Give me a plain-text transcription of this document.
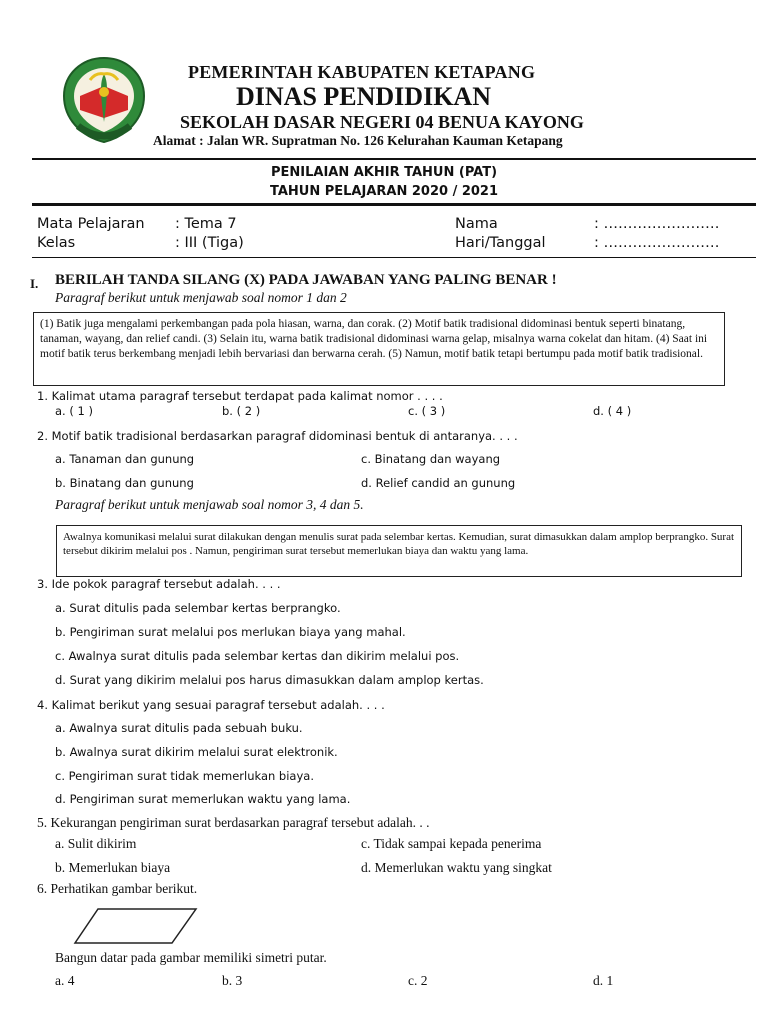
PEMERINTAH KABUPATEN KETAPANG
DINAS PENDIDIKAN
SEKOLAH DASAR NEGERI 04 BENUA KAYONG
Alamat : Jalan WR. Supratman No. 126 Kelurahan Kauman Ketapang
PENILAIAN AKHIR TAHUN (PAT)
TAHUN PELAJARAN 2020 / 2021
Mata Pelajaran : Tema 7	Nama	: ……………………
Kelas	: III (Tiga)	Hari/Tanggal	: ……………………
I. BERILAH TANDA SILANG (X) PADA JAWABAN YANG PALING BENAR !
Paragraf berikut untuk menjawab soal nomor 1 dan 2
(1) Batik juga mengalami perkembangan pada pola hiasan, warna, dan corak. (2) Motif batik tradisional didominasi bentuk seperti binatang, tanaman, wayang, dan relief candi. (3) Selain itu, warna batik tradisional didominasi warna gelap, misalnya warna cokelat dan hitam. (4) Saat ini motif batik terus berkembang menjadi lebih bervariasi dan berwarna cerah. (5) Namun, motif batik tetapi bertumpu pada motif batik tradisional.
1. Kalimat utama paragraf tersebut terdapat pada kalimat nomor . . . .
a. ( 1 )	b. ( 2 )	c. ( 3 )	d. ( 4 )
2. Motif batik tradisional berdasarkan paragraf didominasi bentuk di antaranya. . . .
a. Tanaman dan gunung	c. Binatang dan wayang
b. Binatang dan gunung	d. Relief candid an gunung
Paragraf berikut untuk menjawab soal nomor 3, 4 dan 5.
Awalnya komunikasi melalui surat dilakukan dengan menulis surat pada selembar kertas. Kemudian, surat dimasukkan dalam amplop berprangko. Surat tersebut dikirim melalui pos . Namun, pengiriman surat tersebut memerlukan biaya dan waktu yang lama.
3. Ide pokok paragraf tersebut adalah. . . .
a. Surat ditulis pada selembar kertas berprangko.
b. Pengiriman surat melalui pos merlukan biaya yang mahal.
c. Awalnya surat ditulis pada selembar kertas dan dikirim melalui pos.
d. Surat yang dikirim melalui pos harus dimasukkan dalam amplop kertas.
4. Kalimat berikut yang sesuai paragraf tersebut adalah. . . .
a. Awalnya surat ditulis pada sebuah buku.
b. Awalnya surat dikirim melalui surat elektronik.
c. Pengiriman surat tidak memerlukan biaya.
d. Pengiriman surat memerlukan waktu yang lama.
5. Kekurangan pengiriman surat berdasarkan paragraf tersebut adalah. . .
a. Sulit dikirim	c. Tidak sampai kepada penerima
b. Memerlukan biaya	d. Memerlukan waktu yang singkat
6. Perhatikan gambar berikut.
Bangun datar pada gambar memiliki simetri putar.
a. 4	b. 3	c. 2	d. 1
